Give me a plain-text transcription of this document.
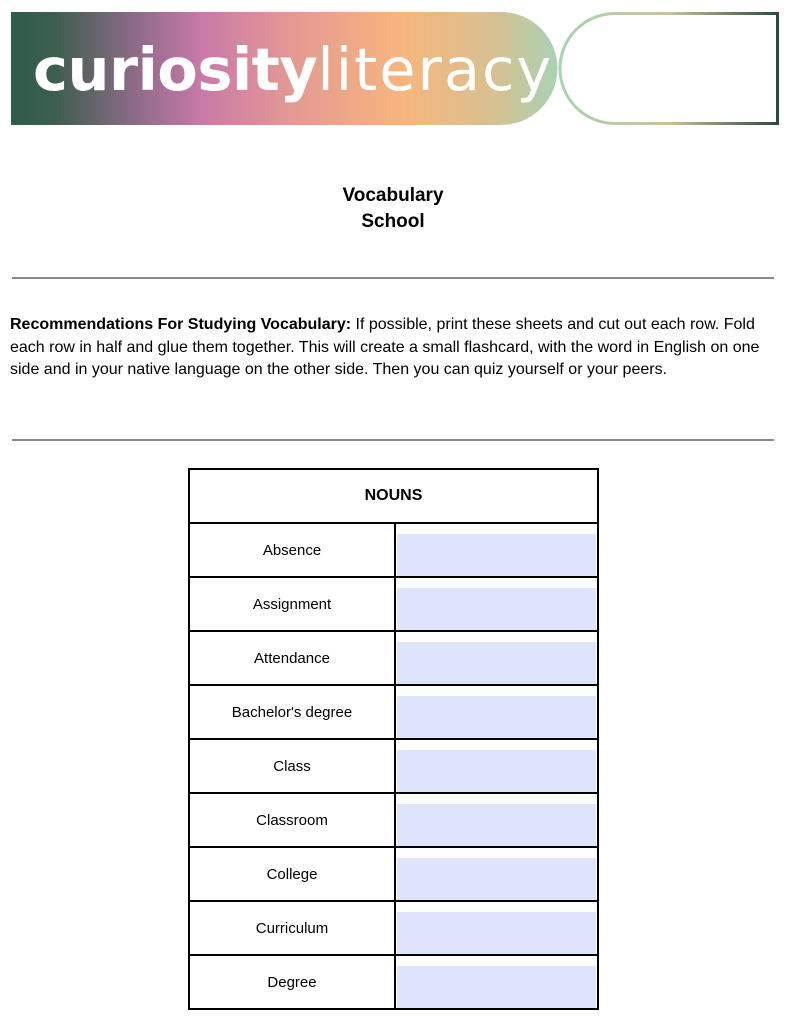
curiosityliteracy
Vocabulary
School
Recommendations For Studying Vocabulary: If possible, print these sheets and cut out each row. Fold each row in half and glue them together. This will create a small flashcard, with the word in English on one side and in your native language on the other side. Then you can quiz yourself or your peers.
NOUNS
Absence
Assignment
Attendance
Bachelor's degree
Class
Classroom
College
Curriculum
Degree
